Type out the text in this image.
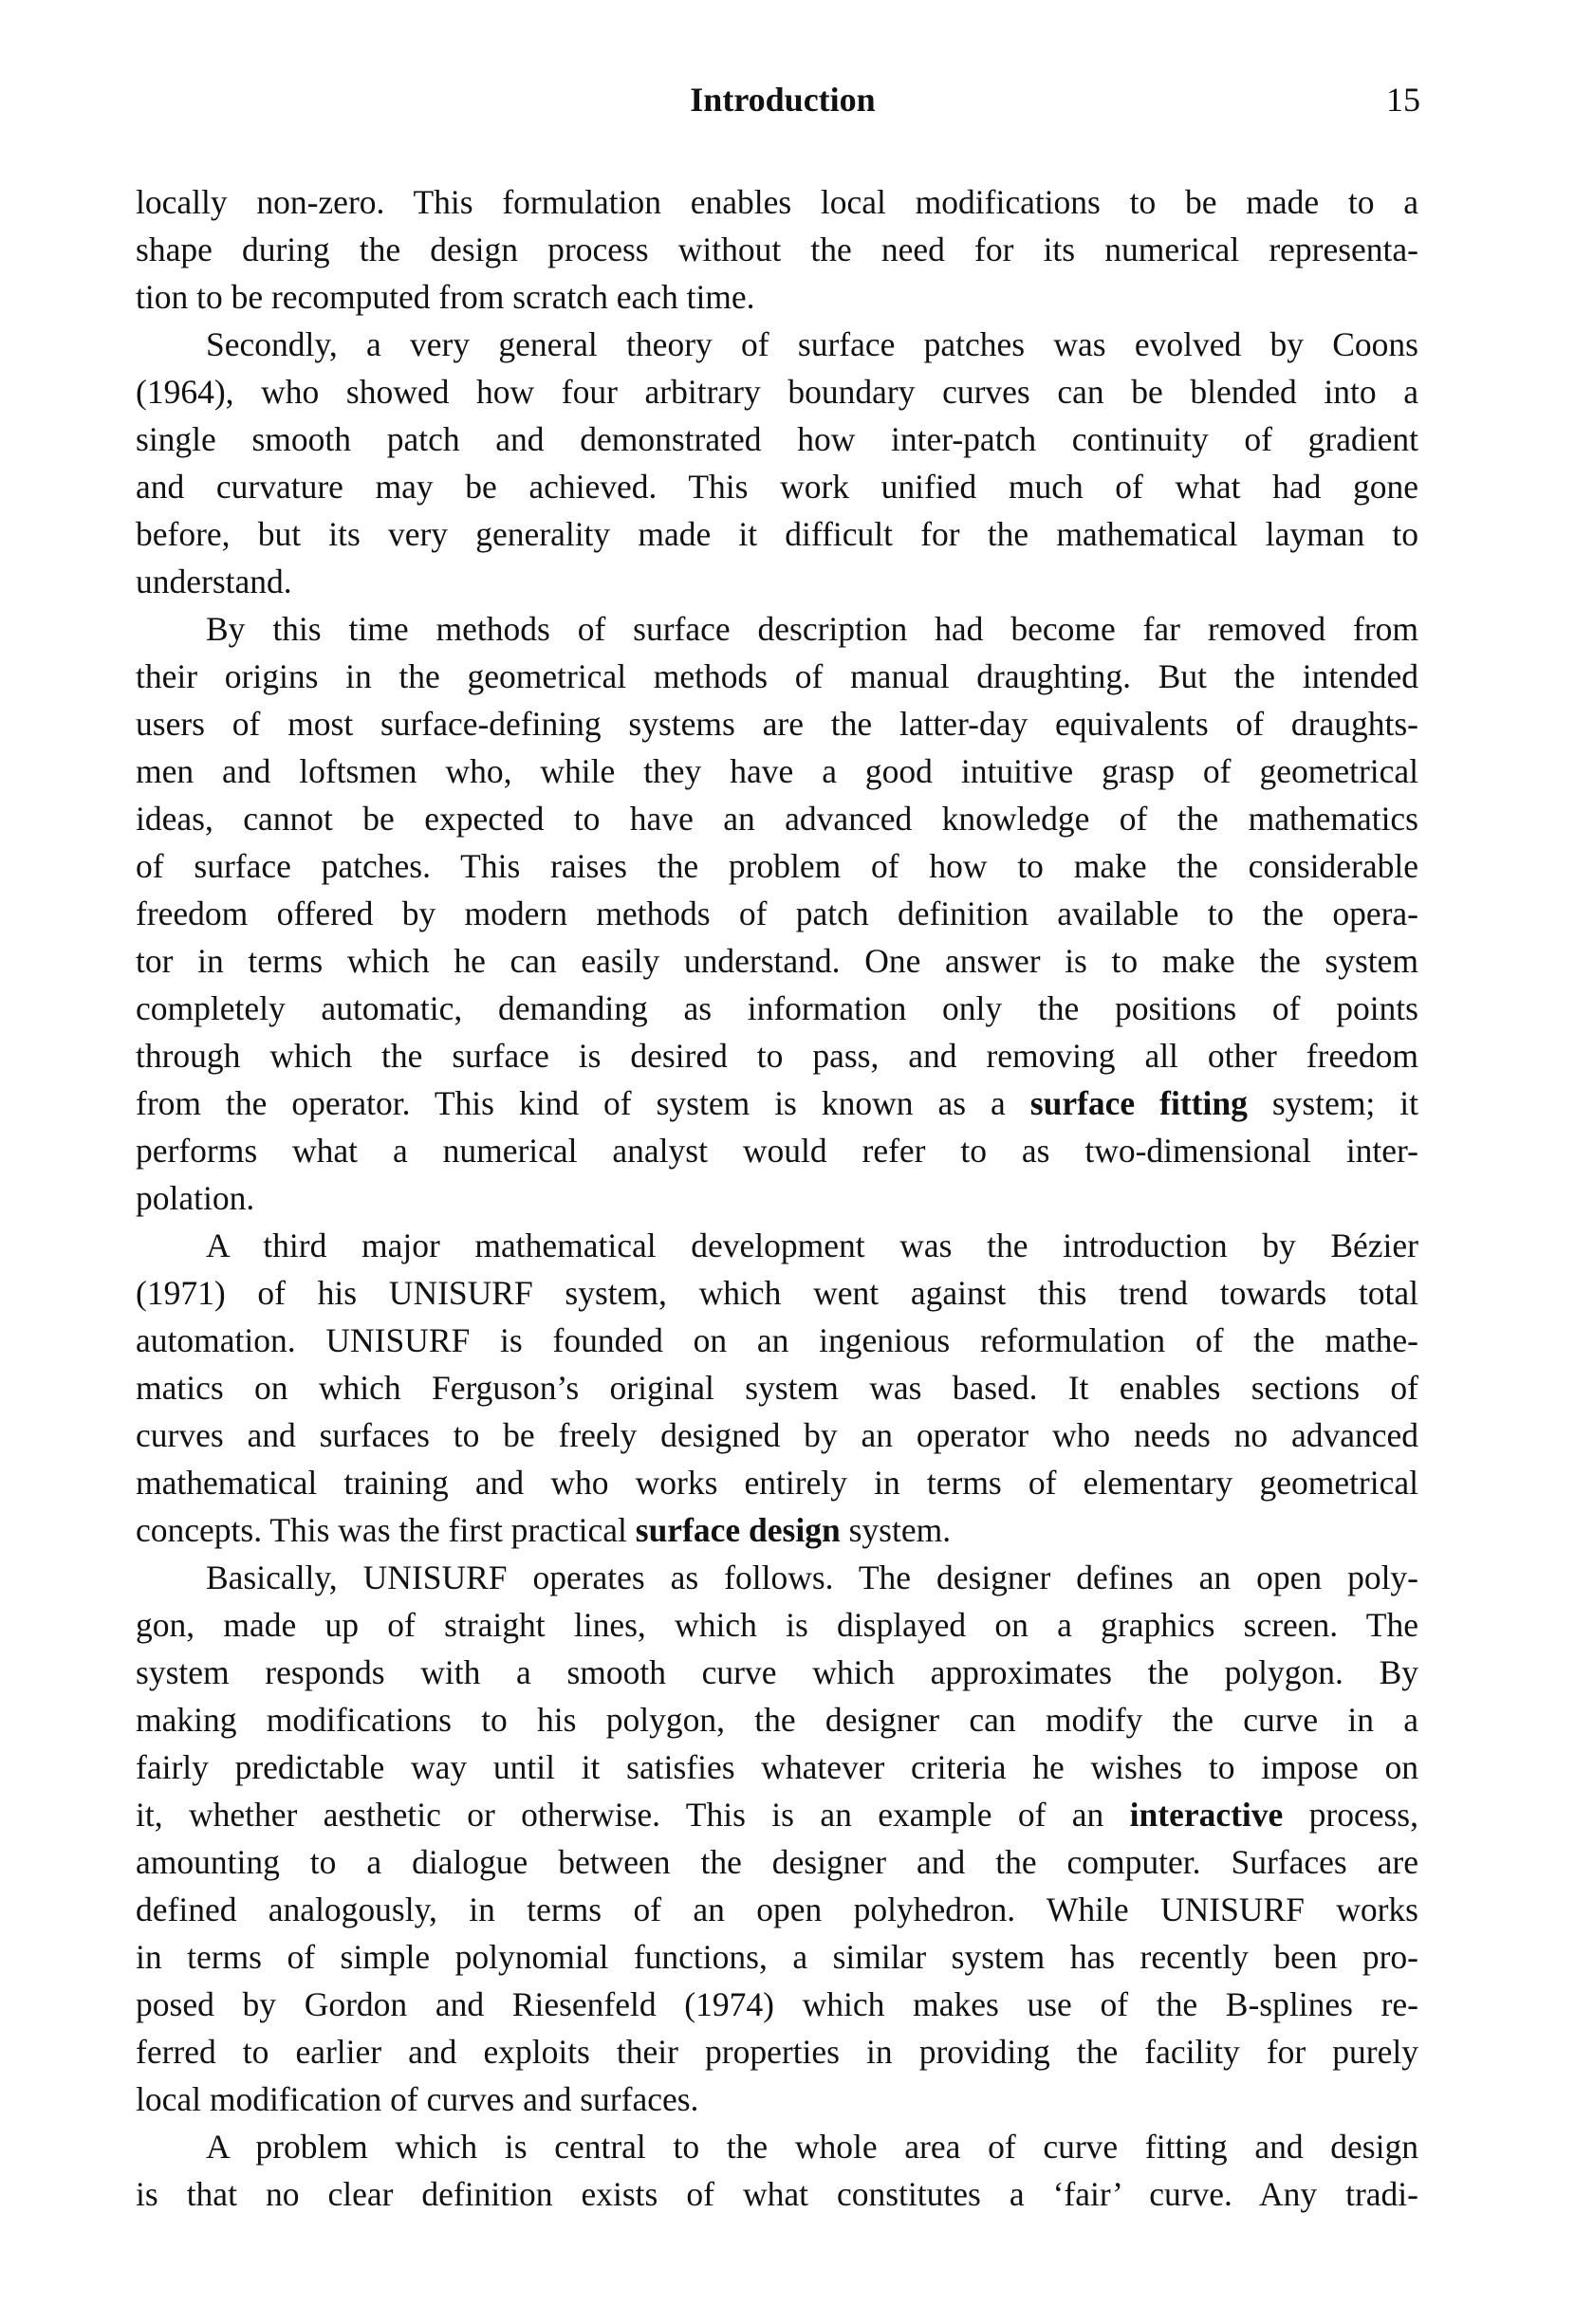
Introduction	15
locally non-zero. This formulation enables local modifications to be made to a
shape during the design process without the need for its numerical representa-
tion to be recomputed from scratch each time.
Secondly, a very general theory of surface patches was evolved by Coons
(1964), who showed how four arbitrary boundary curves can be blended into a
single smooth patch and demonstrated how inter-patch continuity of gradient
and curvature may be achieved. This work unified much of what had gone
before, but its very generality made it difficult for the mathematical layman to
understand.
By this time methods of surface description had become far removed from
their origins in the geometrical methods of manual draughting. But the intended
users of most surface-defining systems are the latter-day equivalents of draughts-
men and loftsmen who, while they have a good intuitive grasp of geometrical
ideas, cannot be expected to have an advanced knowledge of the mathematics
of surface patches. This raises the problem of how to make the considerable
freedom offered by modern methods of patch definition available to the opera-
tor in terms which he can easily understand. One answer is to make the system
completely automatic, demanding as information only the positions of points
through which the surface is desired to pass, and removing all other freedom
from the operator. This kind of system is known as a surface fitting system; it
performs what a numerical analyst would refer to as two-dimensional inter-
polation.
A third major mathematical development was the introduction by Bézier
(1971) of his UNISURF system, which went against this trend towards total
automation. UNISURF is founded on an ingenious reformulation of the mathe-
matics on which Ferguson’s original system was based. It enables sections of
curves and surfaces to be freely designed by an operator who needs no advanced
mathematical training and who works entirely in terms of elementary geometrical
concepts. This was the first practical surface design system.
Basically, UNISURF operates as follows. The designer defines an open poly-
gon, made up of straight lines, which is displayed on a graphics screen. The
system responds with a smooth curve which approximates the polygon. By
making modifications to his polygon, the designer can modify the curve in a
fairly predictable way until it satisfies whatever criteria he wishes to impose on
it, whether aesthetic or otherwise. This is an example of an interactive process,
amounting to a dialogue between the designer and the computer. Surfaces are
defined analogously, in terms of an open polyhedron. While UNISURF works
in terms of simple polynomial functions, a similar system has recently been pro-
posed by Gordon and Riesenfeld (1974) which makes use of the B-splines re-
ferred to earlier and exploits their properties in providing the facility for purely
local modification of curves and surfaces.
A problem which is central to the whole area of curve fitting and design
is that no clear definition exists of what constitutes a ‘fair’ curve. Any tradi-
